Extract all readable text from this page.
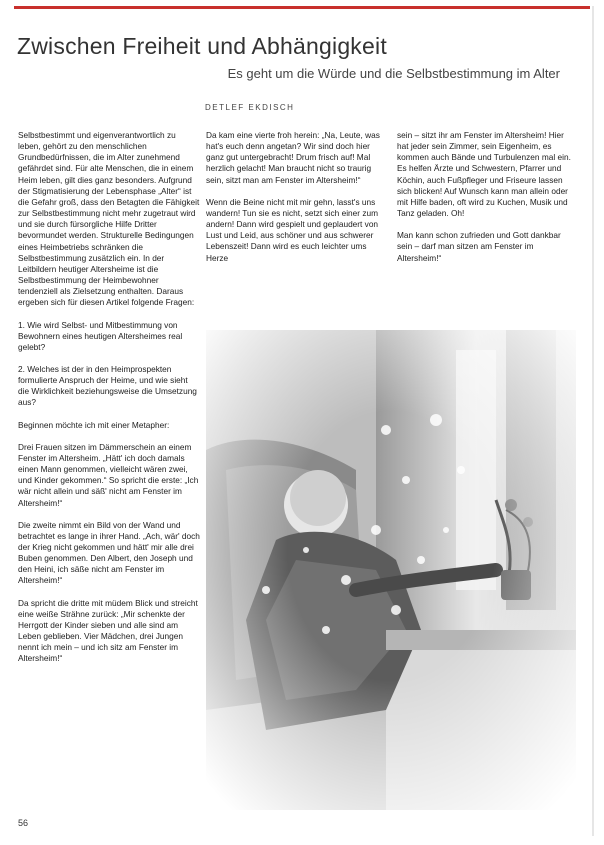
Zwischen Freiheit und Abhängigkeit
Es geht um die Würde und die Selbstbestimmung im Alter
DETLEF EKDISCH

Selbstbestimmt und eigenverantwortlich zu leben, gehört zu den menschlichen Grundbedürfnissen, die im Alter zunehmend gefährdet sind. Für alte Menschen, die in einem Heim leben, gilt dies ganz besonders. Aufgrund der Stigmatisierung der Lebensphase „Alter“ ist die Gefahr groß, dass den Betagten die Fähigkeit zur Selbstbestimmung nicht mehr zugetraut wird und sie durch fürsorgliche Hilfe Dritter bevormundet werden. Strukturelle Bedingungen eines Heimbetriebs schränken die Selbstbestimmung zusätzlich ein. In der Leitbildern heutiger Altersheime ist die Selbstbestimmung der Heimbewohner tendenziell als Zielsetzung enthalten. Daraus ergeben sich für diesen Artikel folgende Fragen:

1. Wie wird Selbst- und Mitbestimmung von Bewohnern eines heutigen Altersheimes real gelebt?

2. Welches ist der in den Heimprospekten formulierte Anspruch der Heime, und wie sieht die Wirklichkeit beziehungsweise die Umsetzung aus?

Beginnen möchte ich mit einer Metapher:

Drei Frauen sitzen im Dämmerschein an einem Fenster im Altersheim. „Hätt' ich doch damals einen Mann genommen, vielleicht wären zwei, und Kinder gekommen.“ So spricht die erste: „Ich wär nicht allein und säß' nicht am Fenster im Altersheim!“

Die zweite nimmt ein Bild von der Wand und betrachtet es lange in ihrer Hand. „Ach, wär' doch der Krieg nicht gekommen und hätt' mir alle drei Buben genommen. Den Albert, den Joseph und den Heini, ich säße nicht am Fenster im Altersheim!“

Da spricht die dritte mit müdem Blick und streicht eine weiße Strähne zurück: „Mir schenkte der Herrgott der Kinder sieben und alle sind am Leben geblieben. Vier Mädchen, drei Jungen nennt ich mein – und ich sitz am Fenster im Altersheim!“

Da kam eine vierte froh herein: „Na, Leute, was hat's euch denn angetan? Wir sind doch hier ganz gut untergebracht! Drum frisch auf! Mal herzlich gelacht! Man braucht nicht so traurig sein, sitzt man am Fenster im Altersheim!“

Wenn die Beine nicht mit mir gehn, lasst's uns wandern! Tun sie es nicht, setzt sich einer zum andern! Dann wird gespielt und geplaudert von Lust und Leid, aus schöner und aus schwerer Lebenszeit! Dann wird es euch leichter ums Herze

sein – sitzt ihr am Fenster im Altersheim! Hier hat jeder sein Zimmer, sein Eigenheim, es kommen auch Bände und Turbulenzen mal ein. Es helfen Ärzte und Schwestern, Pfarrer und Köchin, auch Fußpfleger und Friseure lassen sich blicken! Auf Wunsch kann man allein oder mit Hilfe baden, oft wird zu Kuchen, Musik und Tanz geladen. Oh!

Man kann schon zufrieden und Gott dankbar sein – darf man sitzen am Fenster im Altersheim!“

56
